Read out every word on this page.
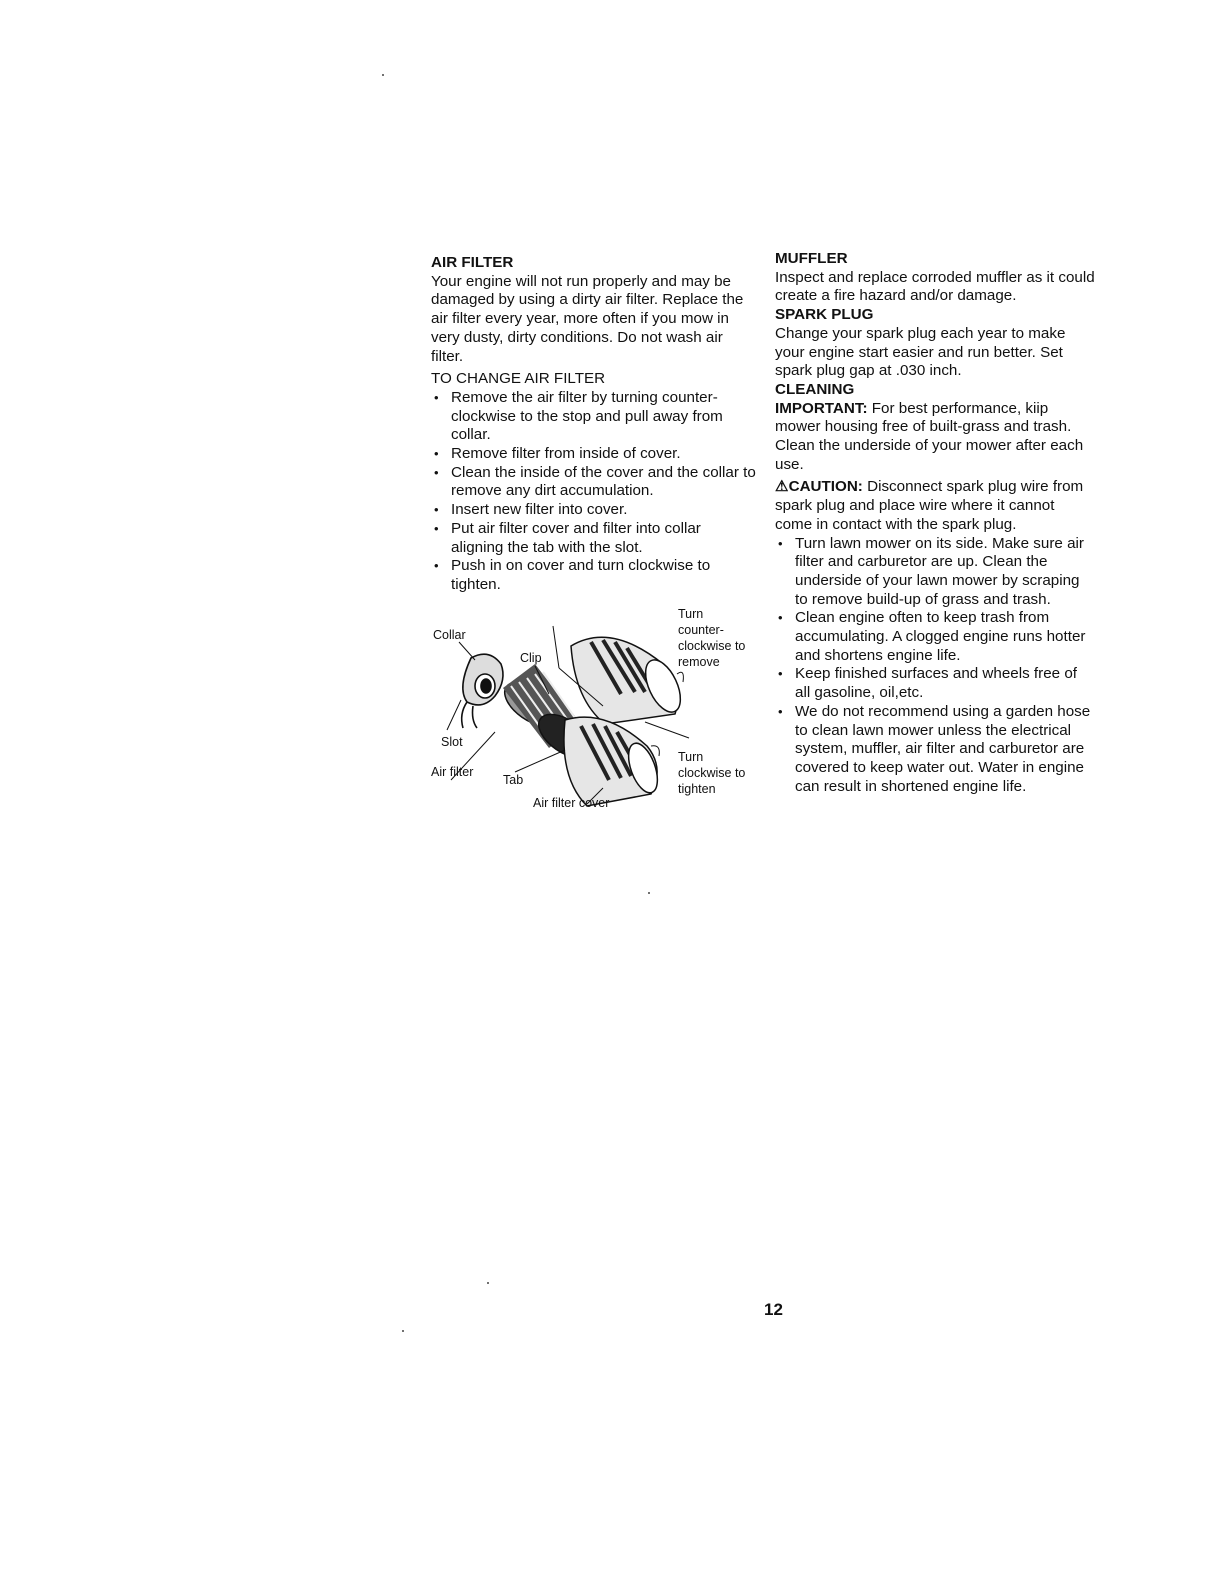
AIR FILTER

Your engine will not run properly and may be damaged by using a dirty air filter. Replace the air filter every year, more often if you mow in very dusty, dirty conditions. Do not wash air filter.

TO CHANGE AIR FILTER

• Remove the air filter by turning counter-clockwise to the stop and pull away from collar.
• Remove filter from inside of cover.
• Clean the inside of the cover and the collar to remove any dirt accumulation.
• Insert new filter into cover.
• Put air filter cover and filter into collar aligning the tab with the slot.
• Push in on cover and turn clockwise to tighten.
Collar
Clip
Slot
Air filter
Tab
Air filter cover
Turn counter-clockwise to remove
Turn clockwise to tighten

MUFFLER

Inspect and replace corroded muffler as it could create a fire hazard and/or damage.

SPARK PLUG

Change your spark plug each year to make your engine start easier and run better. Set spark plug gap at .030 inch.

CLEANING

IMPORTANT: For best performance, kiip mower housing free of built-grass and trash. Clean the underside of your mower after each use.

⚠CAUTION: Disconnect spark plug wire from spark plug and place wire where it cannot come in contact with the spark plug.

• Turn lawn mower on its side. Make sure air filter and carburetor are up. Clean the underside of your lawn mower by scraping to remove build-up of grass and trash.
• Clean engine often to keep trash from accumulating. A clogged engine runs hotter and shortens engine life.
• Keep finished surfaces and wheels free of all gasoline, oil,etc.
• We do not recommend using a garden hose to clean lawn mower unless the electrical system, muffler, air filter and carburetor are covered to keep water out. Water in engine can result in shortened engine life.
12
